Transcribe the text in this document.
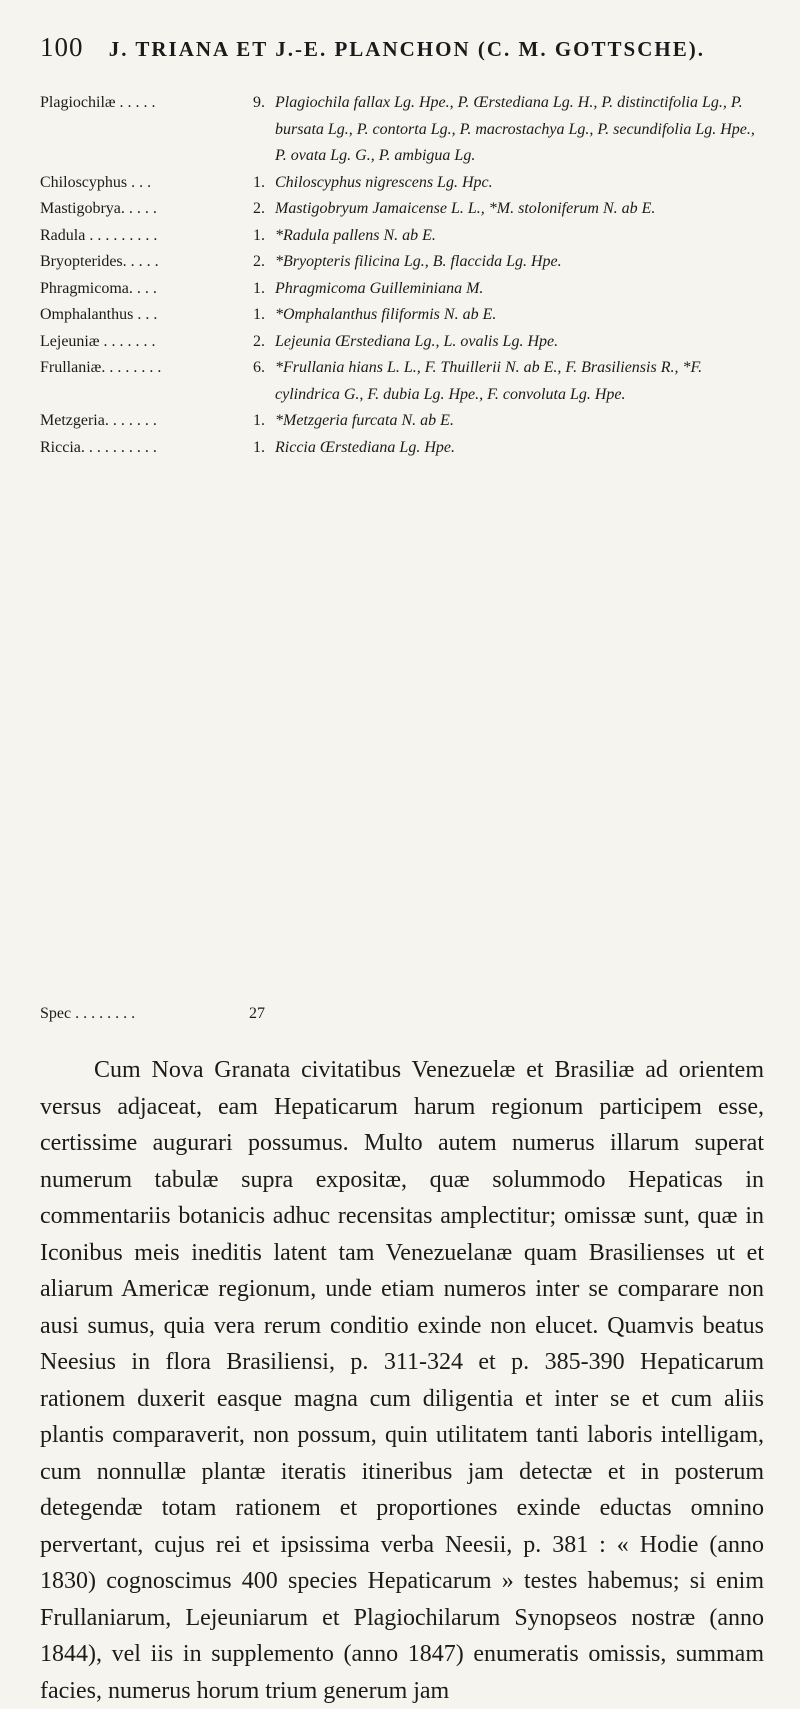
100 J. TRIANA ET J.-E. PLANCHON (C. M. GOTTSCHE).
Plagiochilæ . . . . .	9. Plagiochila fallax Lg. Hpe., P. Œrstediana Lg. H., P. distinctifolia Lg., P. bursata Lg., P. contorta Lg., P. macrostachya Lg., P. secundifolia Lg. Hpe., P. ovata Lg. G., P. ambigua Lg.
Chiloscyphus . . .	1. Chiloscyphus nigrescens Lg. Hpc.
Mastigobrya. . . . .	2. Mastigobryum Jamaicense L. L., *M. stoloniferum N. ab E.
Radula . . . . . . . . .	1. *Radula pallens N. ab E.
Bryopterides. . . . .	2. *Bryopteris filicina Lg., B. flaccida Lg. Hpe.
Phragmicoma. . . .	1. Phragmicoma Guilleminiana M.
Omphalanthus . . .	1. *Omphalanthus filiformis N. ab E.
Lejeuniæ . . . . . . .	2. Lejeunia Œrstediana Lg., L. ovalis Lg. Hpe.
Frullaniæ. . . . . . . .	6. *Frullania hians L. L., F. Thuillerii N. ab E., F. Brasiliensis R., *F. cylindrica G., F. dubia Lg. Hpe., F. convoluta Lg. Hpe.
Metzgeria. . . . . . .	1. *Metzgeria furcata N. ab E.
Riccia. . . . . . . . . .	1. Riccia Œrstediana Lg. Hpe.
Spec . . . . . . . .	27
Cum Nova Granata civitatibus Venezuelæ et Brasiliæ ad orientem versus adjaceat, eam Hepaticarum harum regionum participem esse, certissime augurari possumus. Multo autem numerus illarum superat numerum tabulæ supra expositæ, quæ solummodo Hepaticas in commentariis botanicis adhuc recensitas amplectitur; omissæ sunt, quæ in Iconibus meis ineditis latent tam Venezuelanæ quam Brasilienses ut et aliarum Americæ regionum, unde etiam numeros inter se comparare non ausi sumus, quia vera rerum conditio exinde non elucet. Quamvis beatus Neesius in flora Brasiliensi, p. 311-324 et p. 385-390 Hepaticarum rationem duxerit easque magna cum diligentia et inter se et cum aliis plantis comparaverit, non possum, quin utilitatem tanti laboris intelligam, cum nonnullæ plantæ iteratis itineribus jam detectæ et in posterum detegendæ totam rationem et proportiones exinde eductas omnino pervertant, cujus rei et ipsissima verba Neesii, p. 381 : « Hodie (anno 1830) cognoscimus 400 species Hepaticarum » testes habemus; si enim Frullaniarum, Lejeuniarum et Plagiochilarum Synopseos nostræ (anno 1844), vel iis in supplemento (anno 1847) enumeratis omissis, summam facies, numerus horum trium generum jam
